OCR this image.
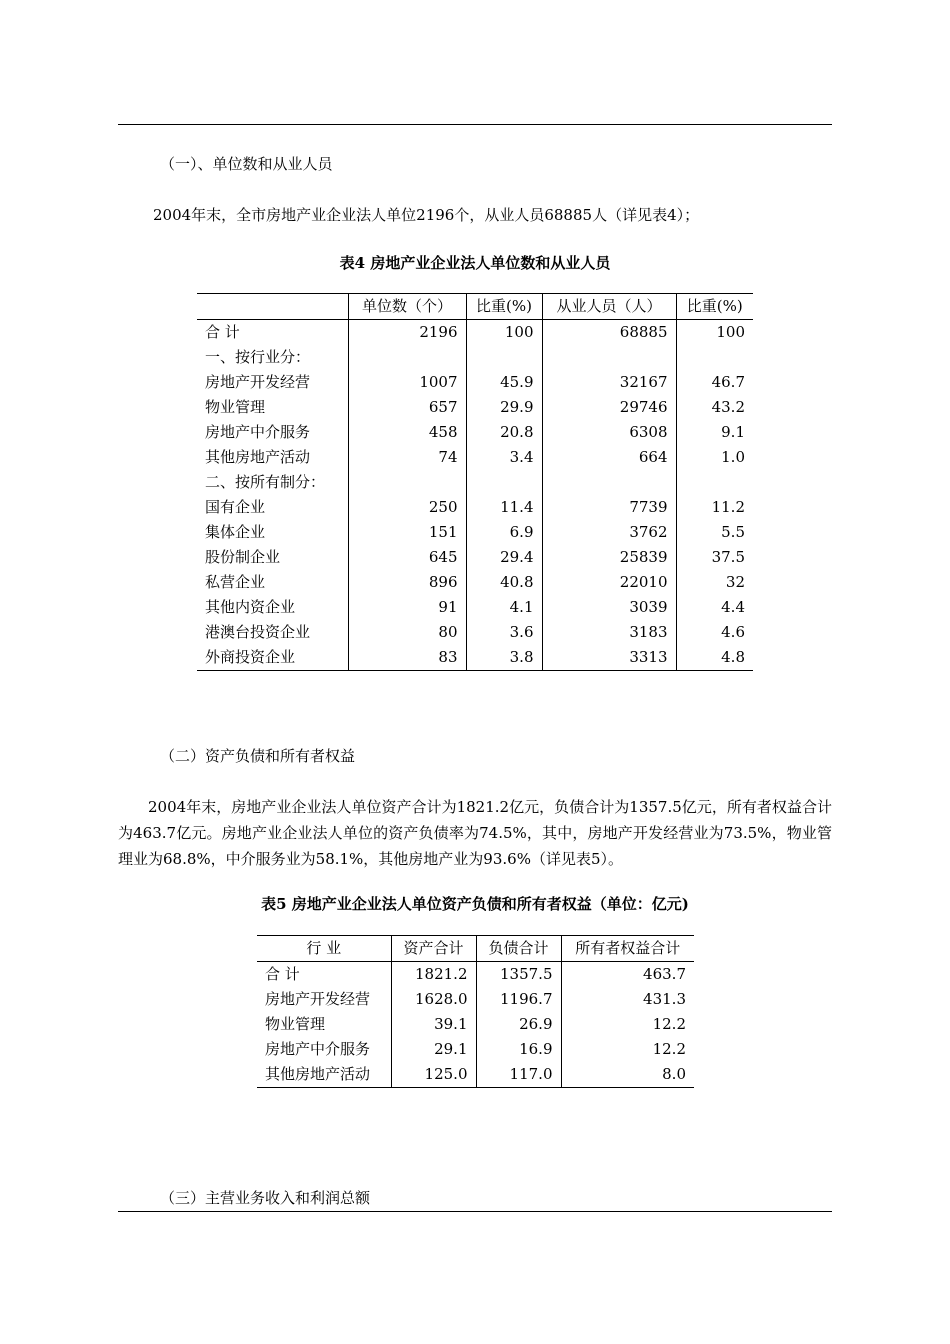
（一）、单位数和从业人员
2004年末，全市房地产业企业法人单位2196个，从业人员68885人（详见表4）；
表4 房地产业企业法人单位数和从业人员
	单位数（个）	比重(%)	从业人员（人）	比重(%)
合 计	2196	100	68885	100
一、按行业分：				
房地产开发经营	1007	45.9	32167	46.7
物业管理	657	29.9	29746	43.2
房地产中介服务	458	20.8	6308	9.1
其他房地产活动	74	3.4	664	1.0
二、按所有制分：				
国有企业	250	11.4	7739	11.2
集体企业	151	6.9	3762	5.5
股份制企业	645	29.4	25839	37.5
私营企业	896	40.8	22010	32
其他内资企业	91	4.1	3039	4.4
港澳台投资企业	80	3.6	3183	4.6
外商投资企业	83	3.8	3313	4.8
（二）资产负债和所有者权益
2004年末，房地产业企业法人单位资产合计为1821.2亿元，负债合计为1357.5亿元，所有者权益合计为463.7亿元。房地产业企业法人单位的资产负债率为74.5%，其中，房地产开发经营业为73.5%，物业管理业为68.8%，中介服务业为58.1%，其他房地产业为93.6%（详见表5）。
表5 房地产业企业法人单位资产负债和所有者权益（单位：亿元)
行 业	资产合计	负债合计	所有者权益合计
合 计	1821.2	1357.5	463.7
房地产开发经营	1628.0	1196.7	431.3
物业管理	39.1	26.9	12.2
房地产中介服务	29.1	16.9	12.2
其他房地产活动	125.0	117.0	8.0
（三）主营业务收入和利润总额
